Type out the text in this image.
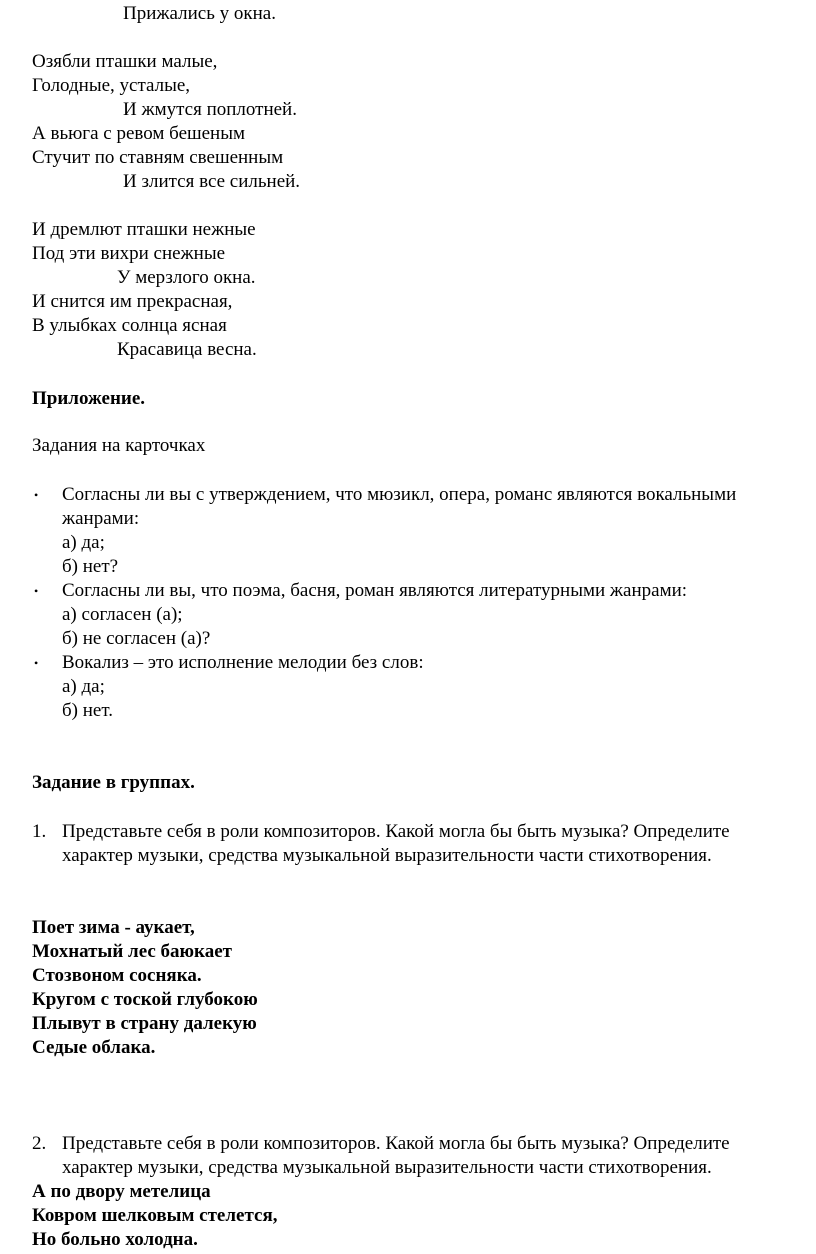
Прижались у окна.
Озябли пташки малые,
Голодные, усталые,
И жмутся поплотней.
А вьюга с ревом бешеным
Стучит по ставням свешенным
И злится все сильней.
И дремлют пташки нежные
Под эти вихри снежные
У мерзлого окна.
И снится им прекрасная,
В улыбках солнца ясная
Красавица весна.
Приложение.
Задания на карточках
• Согласны ли вы с утверждением, что мюзикл, опера, романс являются вокальными
жанрами:
а) да;
б) нет?
• Согласны ли вы, что поэма, басня, роман являются литературными жанрами:
а) согласен (а);
б) не согласен (а)?
• Вокализ – это исполнение мелодии без слов:
а) да;
б) нет.
Задание в группах.
1. Представьте себя в роли композиторов. Какой могла бы быть музыка? Определите
характер музыки, средства музыкальной выразительности части стихотворения.
Поет зима - аукает,
Мохнатый лес баюкает
Стозвоном сосняка.
Кругом с тоской глубокою
Плывут в страну далекую
Седые облака.
2. Представьте себя в роли композиторов. Какой могла бы быть музыка? Определите
характер музыки, средства музыкальной выразительности части стихотворения.
А по двору метелица
Ковром шелковым стелется,
Но больно холодна.
